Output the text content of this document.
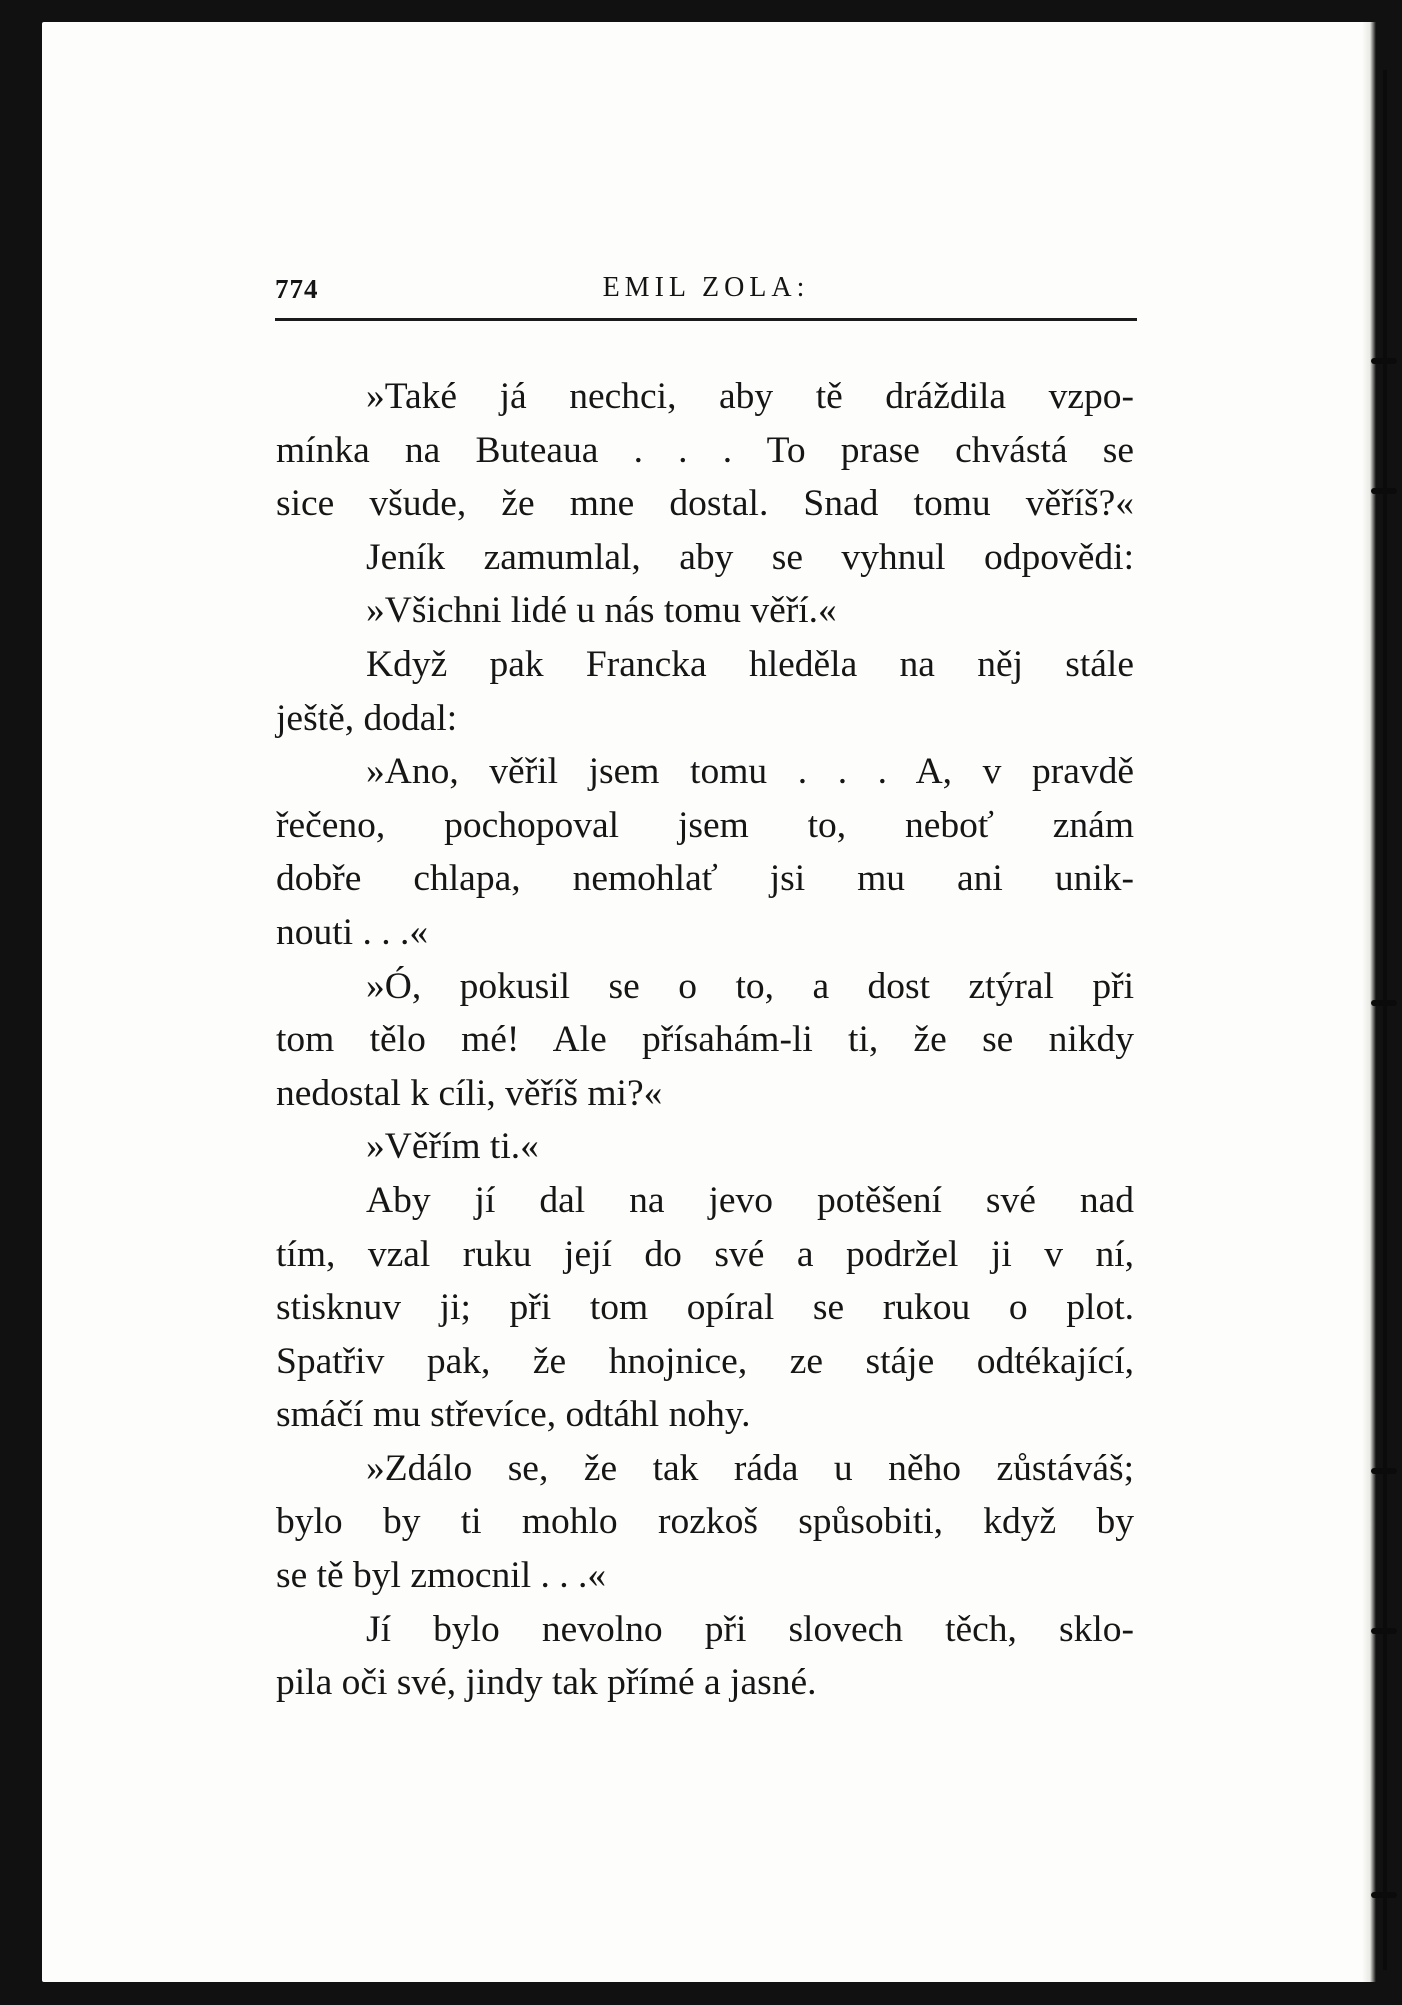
774	EMIL ZOLA:
»Také já nechci, aby tě dráždila vzpo-
mínka na Buteaua . . . To prase chvástá se
sice všude, že mne dostal. Snad tomu věříš?«
Jeník zamumlal, aby se vyhnul odpovědi:
»Všichni lidé u nás tomu věří.«
Když pak Francka hleděla na něj stále
ještě, dodal:
»Ano, věřil jsem tomu . . . A, v pravdě
řečeno, pochopoval jsem to, neboť znám
dobře chlapa, nemohlať jsi mu ani unik-
nouti . . .«
»Ó, pokusil se o to, a dost ztýral při
tom tělo mé! Ale přísahám-li ti, že se nikdy
nedostal k cíli, věříš mi?«
»Věřím ti.«
Aby jí dal na jevo potěšení své nad
tím, vzal ruku její do své a podržel ji v ní,
stisknuv ji; při tom opíral se rukou o plot.
Spatřiv pak, že hnojnice, ze stáje odtékající,
smáčí mu střevíce, odtáhl nohy.
»Zdálo se, že tak ráda u něho zůstáváš;
bylo by ti mohlo rozkoš spůsobiti, když by
se tě byl zmocnil . . .«
Jí bylo nevolno při slovech těch, sklo-
pila oči své, jindy tak přímé a jasné.
